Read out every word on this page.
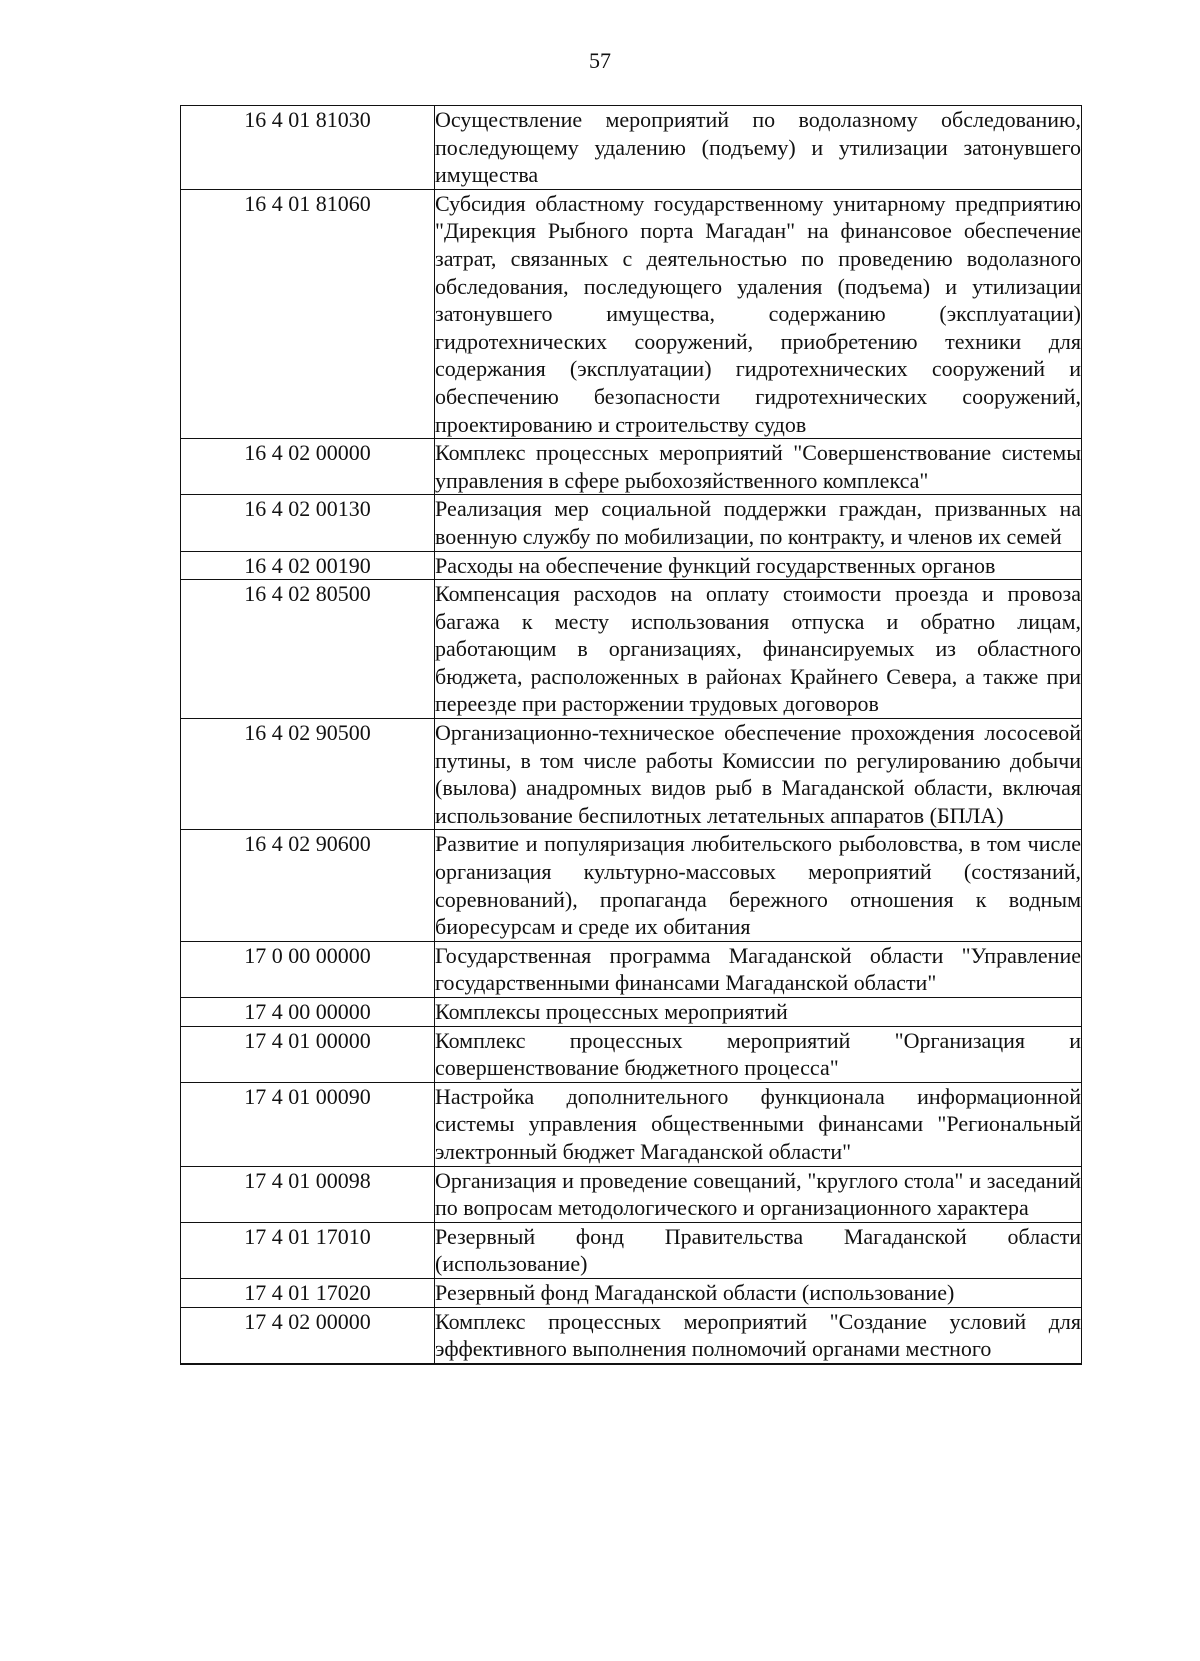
57
16 4 01 81030	Осуществление мероприятий по водолазному обследованию, последующему удалению (подъему) и утилизации затонувшего имущества
16 4 01 81060	Субсидия областному государственному унитарному предприятию "Дирекция Рыбного порта Магадан" на финансовое обеспечение затрат, связанных с деятельностью по проведению водолазного обследования, последующего удаления (подъема) и утилизации затонувшего имущества, содержанию (эксплуатации) гидротехнических сооружений, приобретению техники для содержания (эксплуатации) гидротехнических сооружений и обеспечению безопасности гидротехнических сооружений, проектированию и строительству судов
16 4 02 00000	Комплекс процессных мероприятий "Совершенствование системы управления в сфере рыбохозяйственного комплекса"
16 4 02 00130	Реализация мер социальной поддержки граждан, призванных на военную службу по мобилизации, по контракту, и членов их семей
16 4 02 00190	Расходы на обеспечение функций государственных органов
16 4 02 80500	Компенсация расходов на оплату стоимости проезда и провоза багажа к месту использования отпуска и обратно лицам, работающим в организациях, финансируемых из областного бюджета, расположенных в районах Крайнего Севера, а также при переезде при расторжении трудовых договоров
16 4 02 90500	Организационно-техническое обеспечение прохождения лососевой путины, в том числе работы Комиссии по регулированию добычи (вылова) анадромных видов рыб в Магаданской области, включая использование беспилотных летательных аппаратов (БПЛА)
16 4 02 90600	Развитие и популяризация любительского рыболовства, в том числе организация культурно-массовых мероприятий (состязаний, соревнований), пропаганда бережного отношения к водным биоресурсам и среде их обитания
17 0 00 00000	Государственная программа Магаданской области "Управление государственными финансами Магаданской области"
17 4 00 00000	Комплексы процессных мероприятий
17 4 01 00000	Комплекс процессных мероприятий "Организация и совершенствование бюджетного процесса"
17 4 01 00090	Настройка дополнительного функционала информационной системы управления общественными финансами "Региональный электронный бюджет Магаданской области"
17 4 01 00098	Организация и проведение совещаний, "круглого стола" и заседаний по вопросам методологического и организационного характера
17 4 01 17010	Резервный фонд Правительства Магаданской области (использование)
17 4 01 17020	Резервный фонд Магаданской области (использование)
17 4 02 00000	Комплекс процессных мероприятий "Создание условий для эффективного выполнения полномочий органами местного
